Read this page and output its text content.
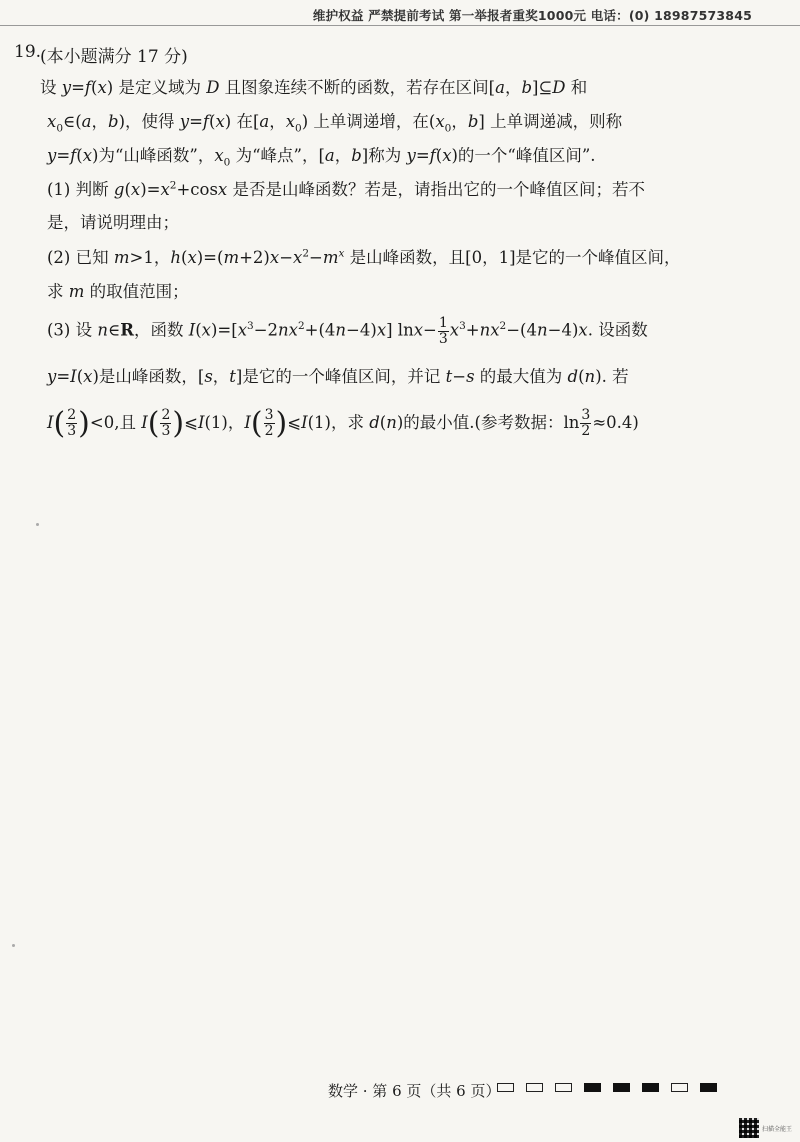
维护权益 严禁提前考试 第一举报者重奖1000元 电话：(0) 18987573845
19.
(本小题满分 17 分)
设 y=f(x) 是定义域为 D 且图象连续不断的函数，若存在区间[a，b]⊆D 和
$x_0\in(a$，b)，使得 y=f(x) 在[a，$x_0$) 上单调递增，在($x_0$，b] 上单调递减，则称
y=f(x)为“山峰函数”，$x_0$ 为“峰点”，[a，b]称为 y=f(x)的一个“峰值区间”.
(1) 判断 $g(x)=x^2+\cos x$ 是否是山峰函数？若是，请指出它的一个峰值区间；若不
是，请说明理由；
(2) 已知 m>1，$h(x)=(m+2)x-x^2-m^x$ 是山峰函数，且[0，1]是它的一个峰值区间，
求 m 的取值范围；
(3) 设 n∈R，函数 $I(x)=[x^3-2nx^2+(4n-4)x]$ $\ln x- \frac{1}{3} x^3+nx^2-(4n-4)x$. 设函数
y=I(x)是山峰函数，[s，t]是它的一个峰值区间，并记 t−s 的最大值为 d(n). 若
$I( \frac{2}{3} )<0$,且 $I( \frac{2}{3}$ )⩽I(1)，$I( \frac{3}{2}$ )⩽I(1)，求 d(n)的最小值.(参考数据：$\ln \frac{3}{2} \approx 0.4$)
数学 · 第 6 页（共 6 页）
扫描全能王
